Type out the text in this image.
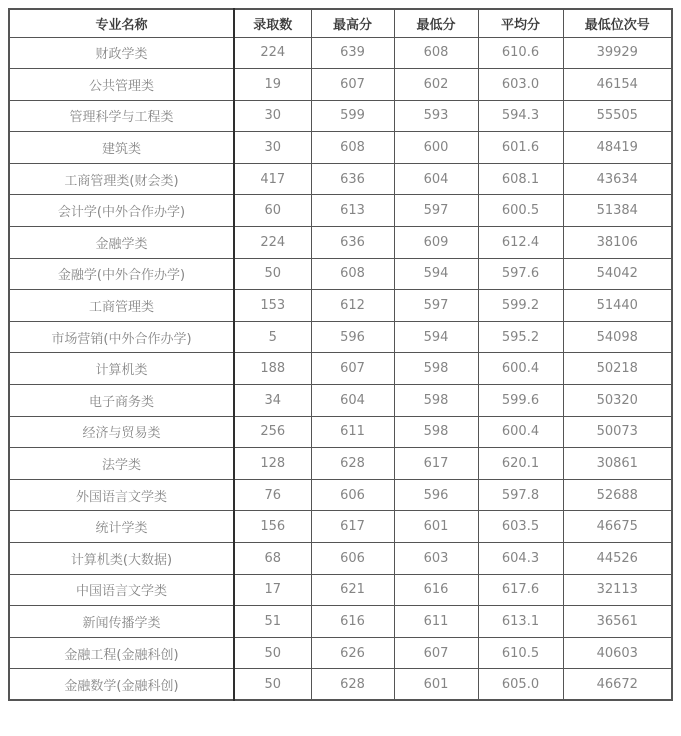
专业名称	录取数	最高分	最低分	平均分	最低位次号
财政学类	224	639	608	610.6	39929
公共管理类	19	607	602	603.0	46154
管理科学与工程类	30	599	593	594.3	55505
建筑类	30	608	600	601.6	48419
工商管理类(财会类)	417	636	604	608.1	43634
会计学(中外合作办学)	60	613	597	600.5	51384
金融学类	224	636	609	612.4	38106
金融学(中外合作办学)	50	608	594	597.6	54042
工商管理类	153	612	597	599.2	51440
市场营销(中外合作办学)	5	596	594	595.2	54098
计算机类	188	607	598	600.4	50218
电子商务类	34	604	598	599.6	50320
经济与贸易类	256	611	598	600.4	50073
法学类	128	628	617	620.1	30861
外国语言文学类	76	606	596	597.8	52688
统计学类	156	617	601	603.5	46675
计算机类(大数据)	68	606	603	604.3	44526
中国语言文学类	17	621	616	617.6	32113
新闻传播学类	51	616	611	613.1	36561
金融工程(金融科创)	50	626	607	610.5	40603
金融数学(金融科创)	50	628	601	605.0	46672
